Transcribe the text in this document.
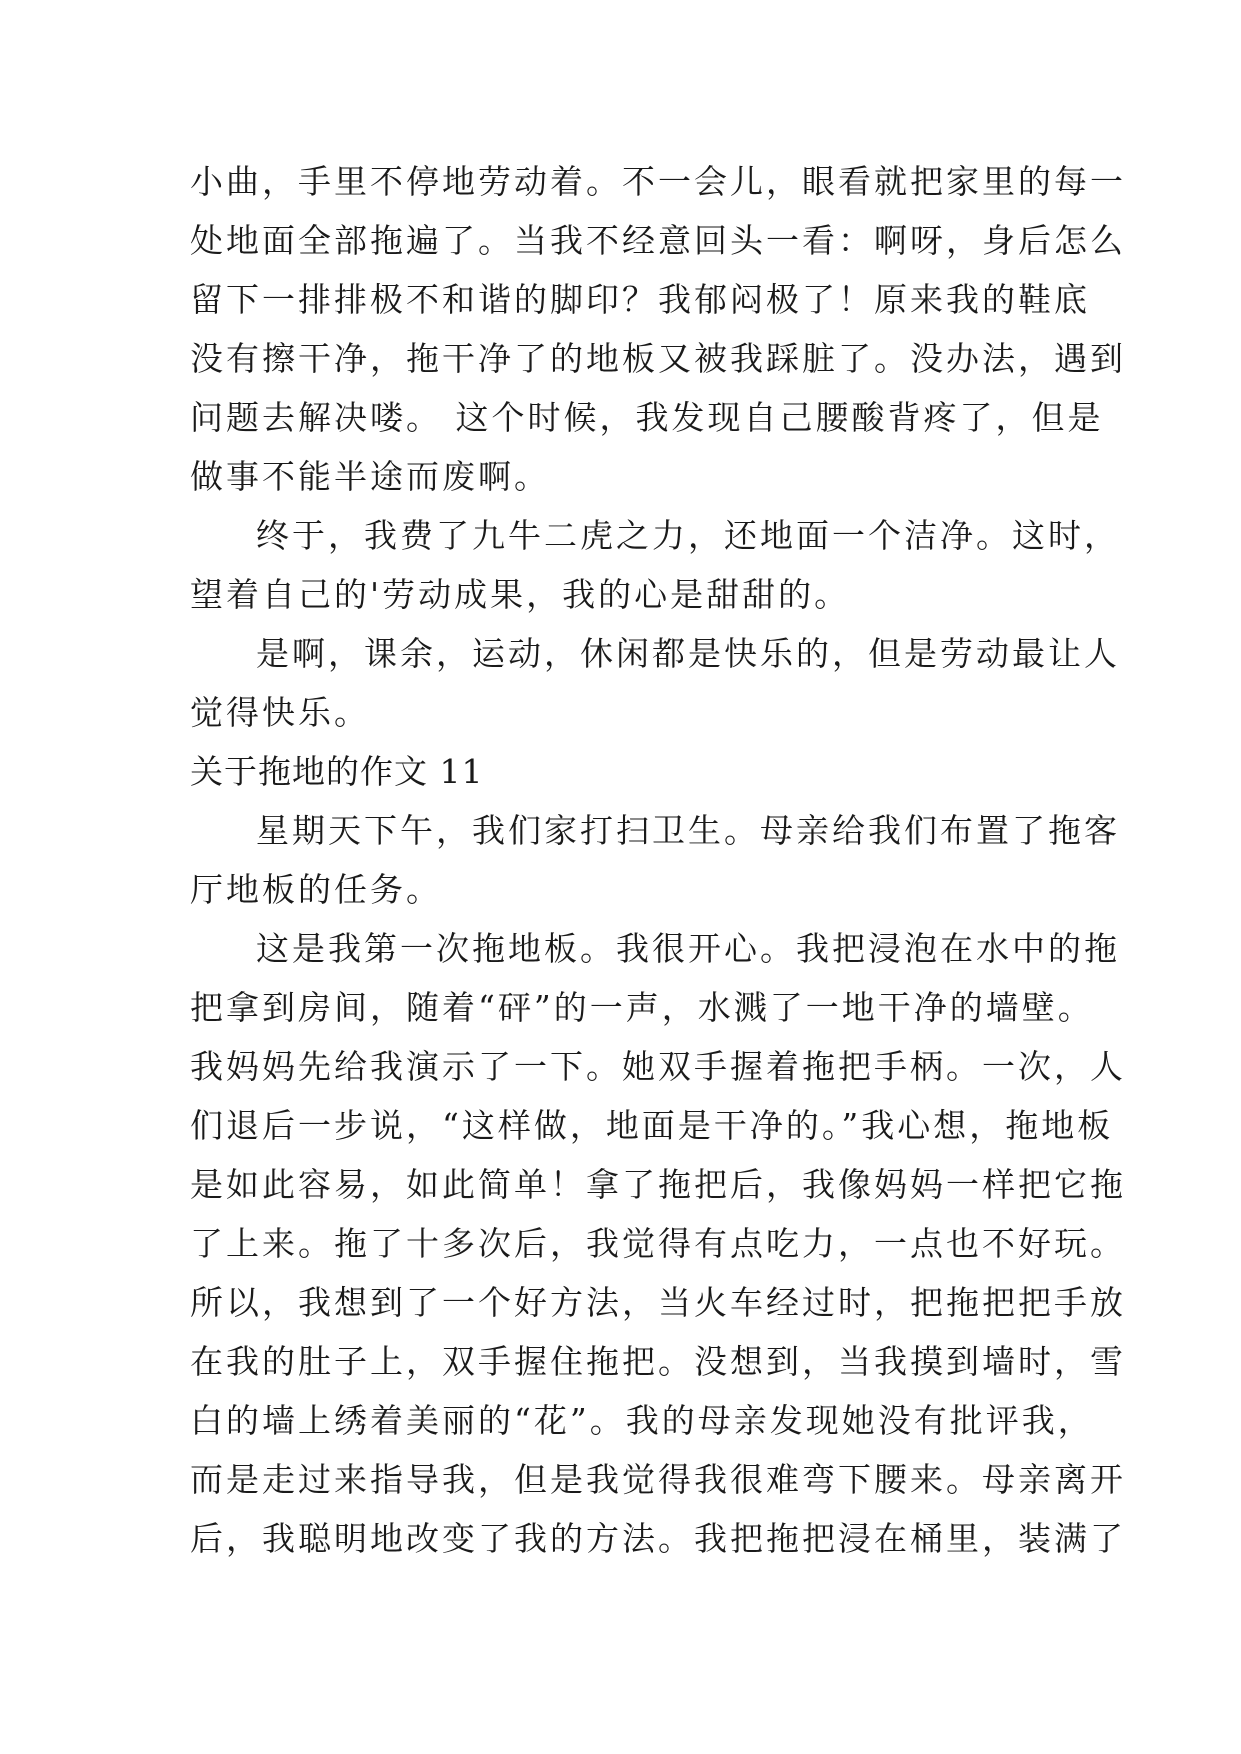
小曲，手里不停地劳动着。不一会儿，眼看就把家里的每一
处地面全部拖遍了。当我不经意回头一看：啊呀，身后怎么
留下一排排极不和谐的脚印？我郁闷极了！原来我的鞋底
没有擦干净，拖干净了的地板又被我踩脏了。没办法，遇到
问题去解决喽。 这个时候，我发现自己腰酸背疼了，但是
做事不能半途而废啊。
终于，我费了九牛二虎之力，还地面一个洁净。这时，
望着自己的'劳动成果，我的心是甜甜的。
是啊，课余，运动，休闲都是快乐的，但是劳动最让人
觉得快乐。
关于拖地的作文 11
星期天下午，我们家打扫卫生。母亲给我们布置了拖客
厅地板的任务。
这是我第一次拖地板。我很开心。我把浸泡在水中的拖
把拿到房间，随着“砰”的一声，水溅了一地干净的墙壁。
我妈妈先给我演示了一下。她双手握着拖把手柄。一次，人
们退后一步说，“这样做，地面是干净的。”我心想，拖地板
是如此容易，如此简单！拿了拖把后，我像妈妈一样把它拖
了上来。拖了十多次后，我觉得有点吃力，一点也不好玩。
所以，我想到了一个好方法，当火车经过时，把拖把把手放
在我的肚子上，双手握住拖把。没想到，当我摸到墙时，雪
白的墙上绣着美丽的“花”。我的母亲发现她没有批评我，
而是走过来指导我，但是我觉得我很难弯下腰来。母亲离开
后，我聪明地改变了我的方法。我把拖把浸在桶里，装满了
